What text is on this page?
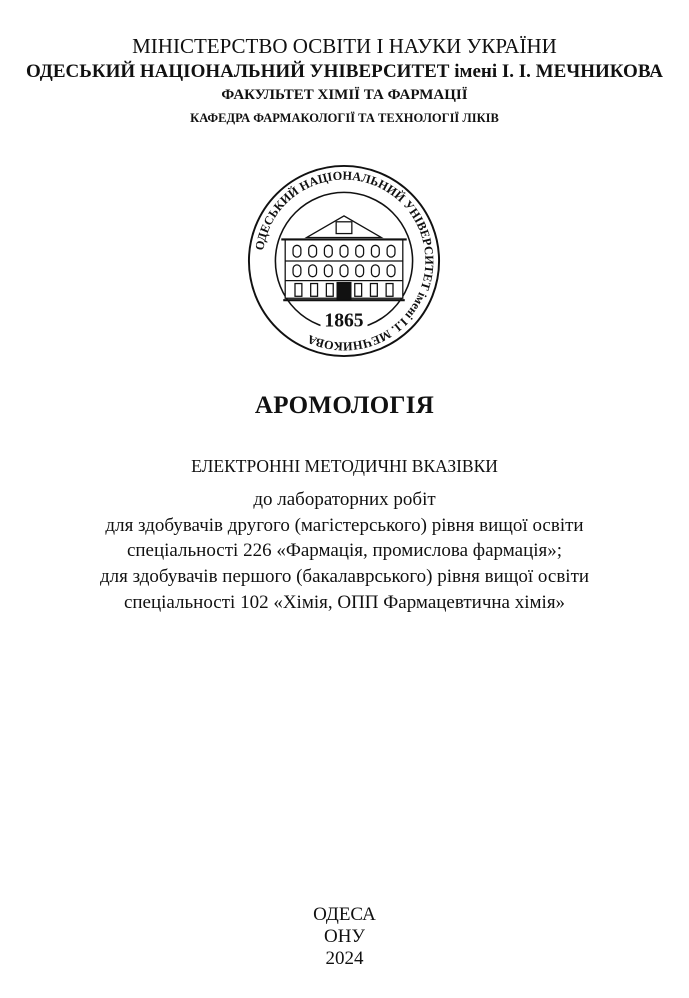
МІНІСТЕРСТВО ОСВІТИ І НАУКИ УКРАЇНИ
ОДЕСЬКИЙ НАЦІОНАЛЬНИЙ УНІВЕРСИТЕТ імені І. І. МЕЧНИКОВА
ФАКУЛЬТЕТ ХІМІЇ ТА ФАРМАЦІЇ
КАФЕДРА ФАРМАКОЛОГІЇ ТА ТЕХНОЛОГІЇ ЛІКІВ
ОДЕСЬКИЙ НАЦІОНАЛЬНИЙ УНІВЕРСИТЕТ імені І.І. МЕЧНИКОВА
1865
АРОМОЛОГІЯ
ЕЛЕКТРОННІ МЕТОДИЧНІ ВКАЗІВКИ
до лабораторних робіт
для здобувачів другого (магістерського) рівня вищої освіти
спеціальності 226 «Фармація, промислова фармація»;
для здобувачів першого (бакалаврського) рівня вищої освіти
спеціальності 102 «Хімія, ОПП Фармацевтична хімія»
ОДЕСА
ОНУ
2024
